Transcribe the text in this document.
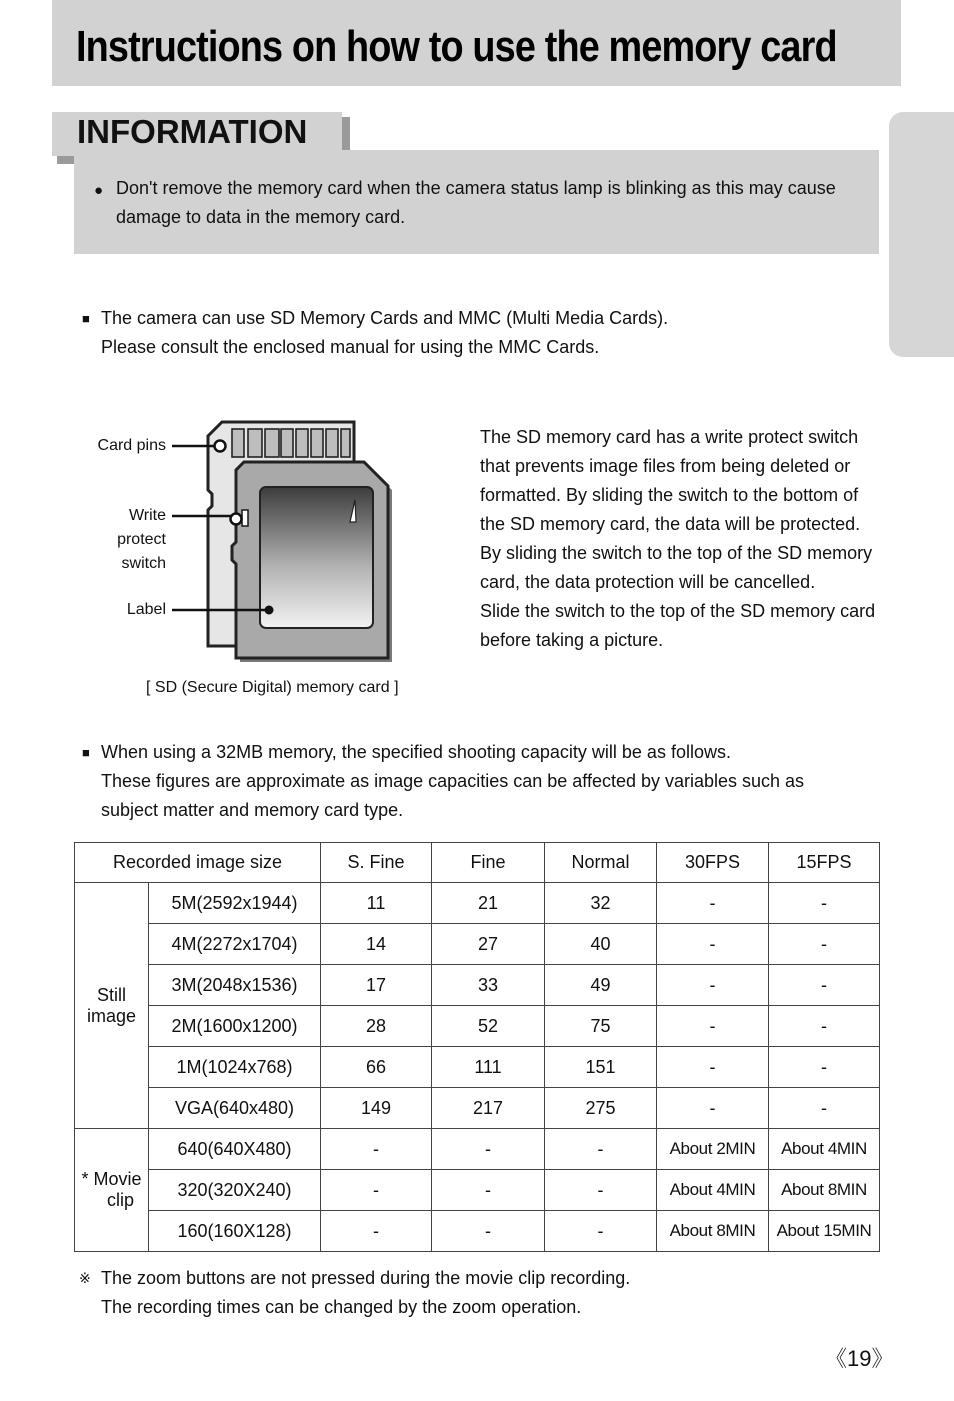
Instructions on how to use the memory card
INFORMATION
● Don't remove the memory card when the camera status lamp is blinking as this may cause damage to data in the memory card.
■ The camera can use SD Memory Cards and MMC (Multi Media Cards).
Please consult the enclosed manual for using the MMC Cards.
Card pins
Write
protect
switch
Label
[ SD (Secure Digital) memory card ]
The SD memory card has a write protect switch that prevents image files from being deleted or formatted. By sliding the switch to the bottom of the SD memory card, the data will be protected. By sliding the switch to the top of the SD memory card, the data protection will be cancelled.
Slide the switch to the top of the SD memory card before taking a picture.
■ When using a 32MB memory, the specified shooting capacity will be as follows.
These figures are approximate as image capacities can be affected by variables such as
subject matter and memory card type.
Recorded image size		S. Fine	Fine	Normal	30FPS	15FPS

Still
image	5M(2592x1944)	11	21	32	-	-
	4M(2272x1704)	14	27	40	-	-
	3M(2048x1536)	17	33	49	-	-
	2M(1600x1200)	28	52	75	-	-
	1M(1024x768)	66	111	151	-	-
	VGA(640x480)	149	217	275	-	-

* Movie
clip	640(640X480)	-	-	-	About 2MIN	About 4MIN
	320(320X240)	-	-	-	About 4MIN	About 8MIN
	160(160X128)	-	-	-	About 8MIN	About 15MIN
※ The zoom buttons are not pressed during the movie clip recording.
The recording times can be changed by the zoom operation.
《19》
